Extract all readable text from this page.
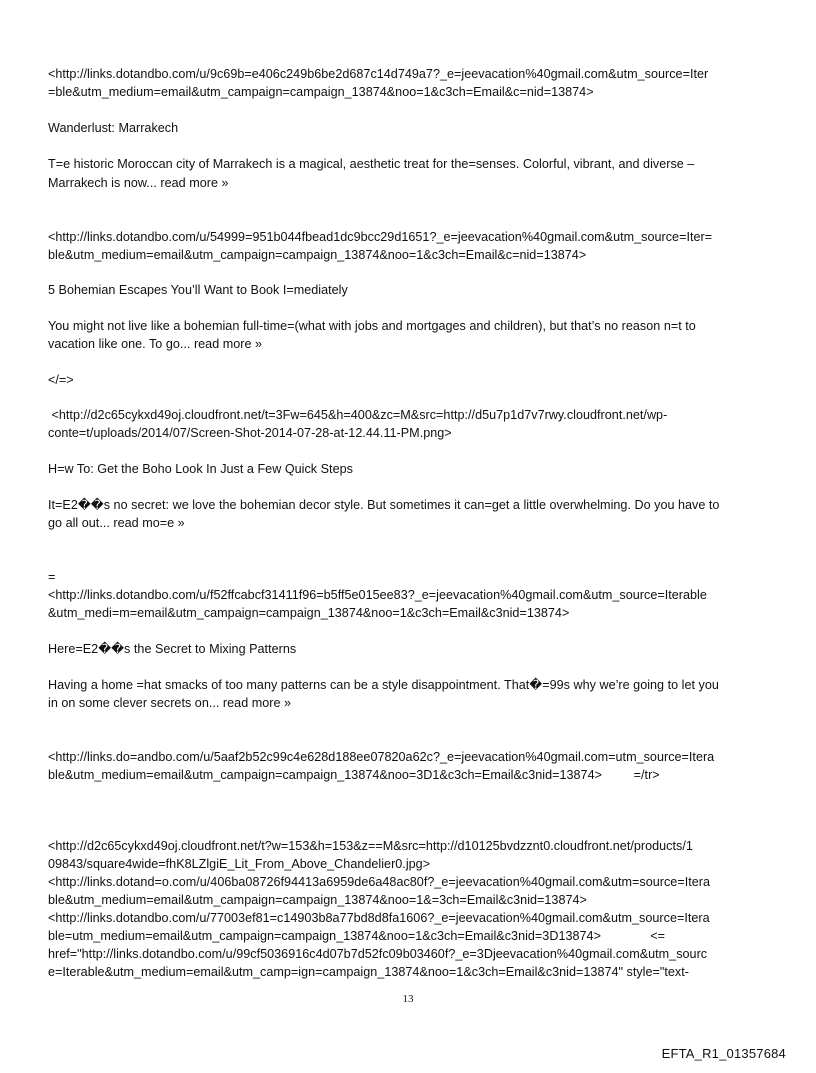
<http://links.dotandbo.com/u/9c69b=e406c249b6be2d687c14d749a7?_e=jeevacation%40gmail.com&utm_source=Iter
=ble&utm_medium=email&utm_campaign=campaign_13874&noo=1&c3ch=Email&c=nid=13874>
Wanderlust: Marrakech
T=e historic Moroccan city of Marrakech is a magical, aesthetic treat for the=senses. Colorful, vibrant, and diverse –
Marrakech is now... read more »
<http://links.dotandbo.com/u/54999=951b044fbead1dc9bcc29d1651?_e=jeevacation%40gmail.com&utm_source=Iter=
ble&utm_medium=email&utm_campaign=campaign_13874&noo=1&c3ch=Email&c=nid=13874>
5 Bohemian Escapes You’ll Want to Book I=mediately
You might not live like a bohemian full-time=(what with jobs and mortgages and children), but that’s no reason n=t to
vacation like one. To go... read more »
</=>
<http://d2c65cykxd49oj.cloudfront.net/t=3Fw=645&h=400&zc=M&src=http://d5u7p1d7v7rwy.cloudfront.net/wp-
conte=t/uploads/2014/07/Screen-Shot-2014-07-28-at-12.44.11-PM.png>
H=w To: Get the Boho Look In Just a Few Quick Steps
It=E2��s no secret: we love the bohemian decor style. But sometimes it can=get a little overwhelming. Do you have to
go all out... read mo=e »
=
<http://links.dotandbo.com/u/f52ffcabcf31411f96=b5ff5e015ee83?_e=jeevacation%40gmail.com&utm_source=Iterable
&utm_medi=m=email&utm_campaign=campaign_13874&noo=1&c3ch=Email&c3nid=13874>
Here=E2��s the Secret to Mixing Patterns
Having a home =hat smacks of too many patterns can be a style disappointment. That�=99s why we’re going to let you
in on some clever secrets on... read more »
<http://links.do=andbo.com/u/5aaf2b52c99c4e628d188ee07820a62c?_e=jeevacation%40gmail.com=utm_source=Itera
ble&utm_medium=email&utm_campaign=campaign_13874&noo=3D1&c3ch=Email&c3nid=13874>         =/tr>
<http://d2c65cykxd49oj.cloudfront.net/t?w=153&h=153&z==M&src=http://d10125bvdzznt0.cloudfront.net/products/1
09843/square4wide=fhK8LZlgiE_Lit_From_Above_Chandelier0.jpg>
<http://links.dotand=o.com/u/406ba08726f94413a6959de6a48ac80f?_e=jeevacation%40gmail.com&utm=source=Itera
ble&utm_medium=email&utm_campaign=campaign_13874&noo=1&=3ch=Email&c3nid=13874>
<http://links.dotandbo.com/u/77003ef81=c14903b8a77bd8d8fa1606?_e=jeevacation%40gmail.com&utm_source=Itera
ble=utm_medium=email&utm_campaign=campaign_13874&noo=1&c3ch=Email&c3nid=3D13874>              <=
href="http://links.dotandbo.com/u/99cf5036916c4d07b7d52fc09b03460f?_e=3Djeevacation%40gmail.com&utm_sourc
e=Iterable&utm_medium=email&utm_camp=ign=campaign_13874&noo=1&c3ch=Email&c3nid=13874" style="text-
13
EFTA_R1_01357684
